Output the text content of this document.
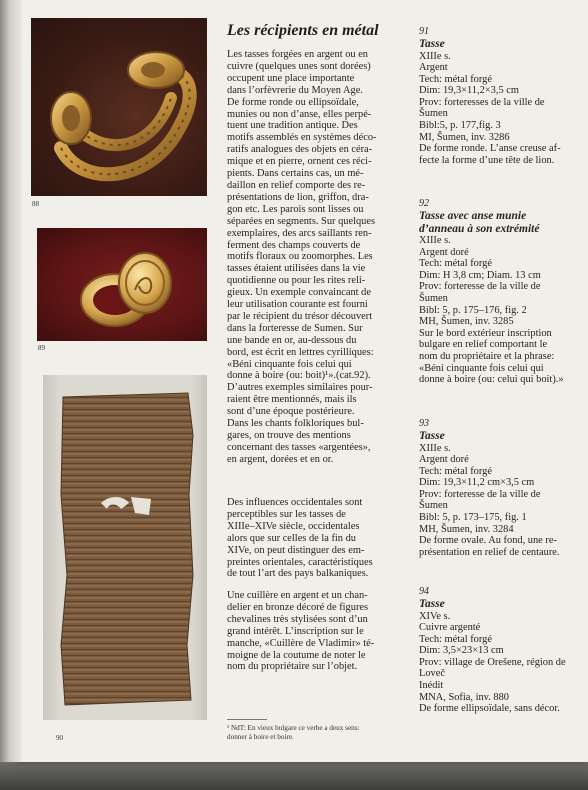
88
89
90
Les récipients en métal
Les tasses forgées en argent ou en
cuivre (quelques unes sont dorées)
occupent une place importante
dans l’orfèvrerie du Moyen Age.
De forme ronde ou ellipsoïdale,
munies ou non d’anse, elles perpé-
tuent une tradition antique. Des
motifs assemblés en systèmes déco-
ratifs analogues des objets en céra-
mique et en pierre, ornent ces réci-
pients. Dans certains cas, un mé-
daillon en relief comporte des re-
présentations de lion, griffon, dra-
gon etc. Les parois sont lisses ou
séparées en segments. Sur quelques
exemplaires, des arcs saillants ren-
ferment des champs couverts de
motifs floraux ou zoomorphes. Les
tasses étaient utilisées dans la vie
quotidienne ou pour les rites reli-
gieux. Un exemple convaincant de
leur utilisation courante est fourni
par le récipient du trésor découvert
dans la forteresse de Sumen. Sur
une bande en or, au-dessous du
bord, est écrit en lettres cyrilliques:
«Béni cinquante fois celui qui
donne à boire (ou: boit)¹».(cat.92).
D’autres exemples similaires pour-
raient être mentionnés, mais ils
sont d’une époque postérieure.
Dans les chants folkloriques bul-
gares, on trouve des mentions
concernant des tasses «argentées»,
en argent, dorées et en or.
Des influences occidentales sont
perceptibles sur les tasses de
XIIIe–XIVe siècle, occidentales
alors que sur celles de la fin du
XIVe, on peut distinguer des em-
preintes orientales, caractéristiques
de tout l’art des pays balkaniques.
Une cuillère en argent et un chan-
delier en bronze décoré de figures
chevalines très stylisées sont d’un
grand intérêt. L’inscription sur le
manche, «Cuillère de Vladimir» té-
moigne de la coutume de noter le
nom du propriétaire sur l’objet.
¹ NdT: En vieux bulgare ce verbe a deux sens:
donner à boire et boire.
91
Tasse
XIIIe s.
Argent
Tech: métal forgé
Dim: 19,3×11,2×3,5 cm
Prov: forteresses de la ville de
Šumen
Bibl:5, p. 177,fig. 3
MI, Šumen, inv. 3286
De forme ronde. L’anse creuse af-
fecte la forme d’une tête de lion.
92
Tasse avec anse munie
d’anneau à son extrémité
XIIIe s.
Argent doré
Tech: métal forgé
Dim: H 3,8 cm; Diam. 13 cm
Prov: forteresse de la ville de
Šumen
Bibl: 5, p. 175–176, fig. 2
MH, Šumen, inv. 3285
Sur le bord extérieur inscription
bulgare en relief comportant le
nom du propriétaire et la phrase:
«Béni cinquante fois celui qui
donne à boire (ou: celui qui boit).»
93
Tasse
XIIIe s.
Argent doré
Tech: métal forgé
Dim: 19,3×11,2 cm×3,5 cm
Prov: forteresse de la ville de
Šumen
Bibl: 5, p. 173–175, fig. 1
MH, Šumen, inv. 3284
De forme ovale. Au fond, une re-
présentation en relief de centaure.
94
Tasse
XIVe s.
Cuivre argenté
Tech: métal forgé
Dim: 3,5×23×13 cm
Prov: village de Orešene, région de
Loveč
Inédit
MNA, Sofia, inv. 880
De forme ellipsoïdale, sans décor.
